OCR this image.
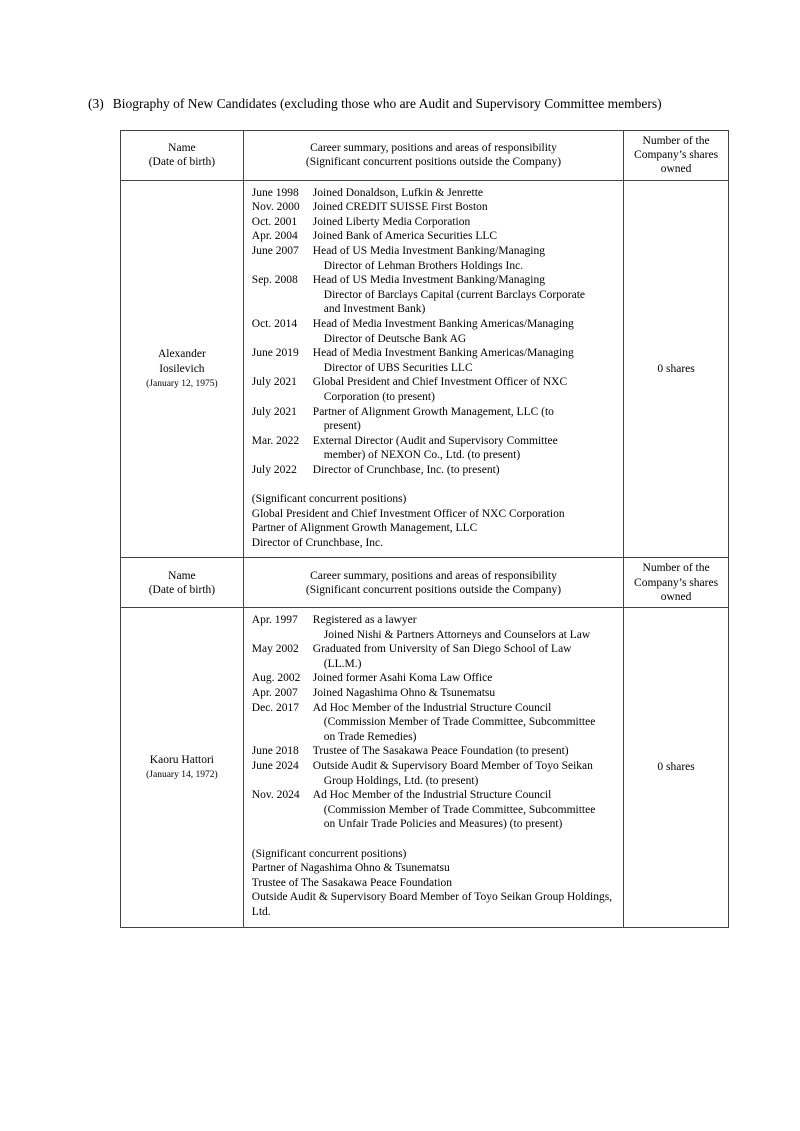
(3) Biography of New Candidates (excluding those who are Audit and Supervisory Committee members)
Name
(Date of birth)
Career summary, positions and areas of responsibility
(Significant concurrent positions outside the Company)
Number of the Company’s shares owned
Alexander Iosilevich
(January 12, 1975)
June 1998 Joined Donaldson, Lufkin & Jenrette
Nov. 2000 Joined CREDIT SUISSE First Boston
Oct. 2001 Joined Liberty Media Corporation
Apr. 2004 Joined Bank of America Securities LLC
June 2007 Head of US Media Investment Banking/Managing
Director of Lehman Brothers Holdings Inc.
Sep. 2008 Head of US Media Investment Banking/Managing
Director of Barclays Capital (current Barclays Corporate
and Investment Bank)
Oct. 2014 Head of Media Investment Banking Americas/Managing
Director of Deutsche Bank AG
June 2019 Head of Media Investment Banking Americas/Managing
Director of UBS Securities LLC
July 2021 Global President and Chief Investment Officer of NXC
Corporation (to present)
July 2021 Partner of Alignment Growth Management, LLC (to
present)
Mar. 2022 External Director (Audit and Supervisory Committee
member) of NEXON Co., Ltd. (to present)
July 2022 Director of Crunchbase, Inc. (to present)
(Significant concurrent positions)
Global President and Chief Investment Officer of NXC Corporation
Partner of Alignment Growth Management, LLC
Director of Crunchbase, Inc.
0 shares
Name
(Date of birth)
Career summary, positions and areas of responsibility
(Significant concurrent positions outside the Company)
Number of the Company’s shares owned
Kaoru Hattori
(January 14, 1972)
Apr. 1997 Registered as a lawyer
Joined Nishi & Partners Attorneys and Counselors at Law
May 2002 Graduated from University of San Diego School of Law
(LL.M.)
Aug. 2002 Joined former Asahi Koma Law Office
Apr. 2007 Joined Nagashima Ohno & Tsunematsu
Dec. 2017 Ad Hoc Member of the Industrial Structure Council
(Commission Member of Trade Committee, Subcommittee
on Trade Remedies)
June 2018 Trustee of The Sasakawa Peace Foundation (to present)
June 2024 Outside Audit & Supervisory Board Member of Toyo Seikan
Group Holdings, Ltd. (to present)
Nov. 2024 Ad Hoc Member of the Industrial Structure Council
(Commission Member of Trade Committee, Subcommittee
on Unfair Trade Policies and Measures) (to present)
(Significant concurrent positions)
Partner of Nagashima Ohno & Tsunematsu
Trustee of The Sasakawa Peace Foundation
Outside Audit & Supervisory Board Member of Toyo Seikan Group Holdings, Ltd.
0 shares
